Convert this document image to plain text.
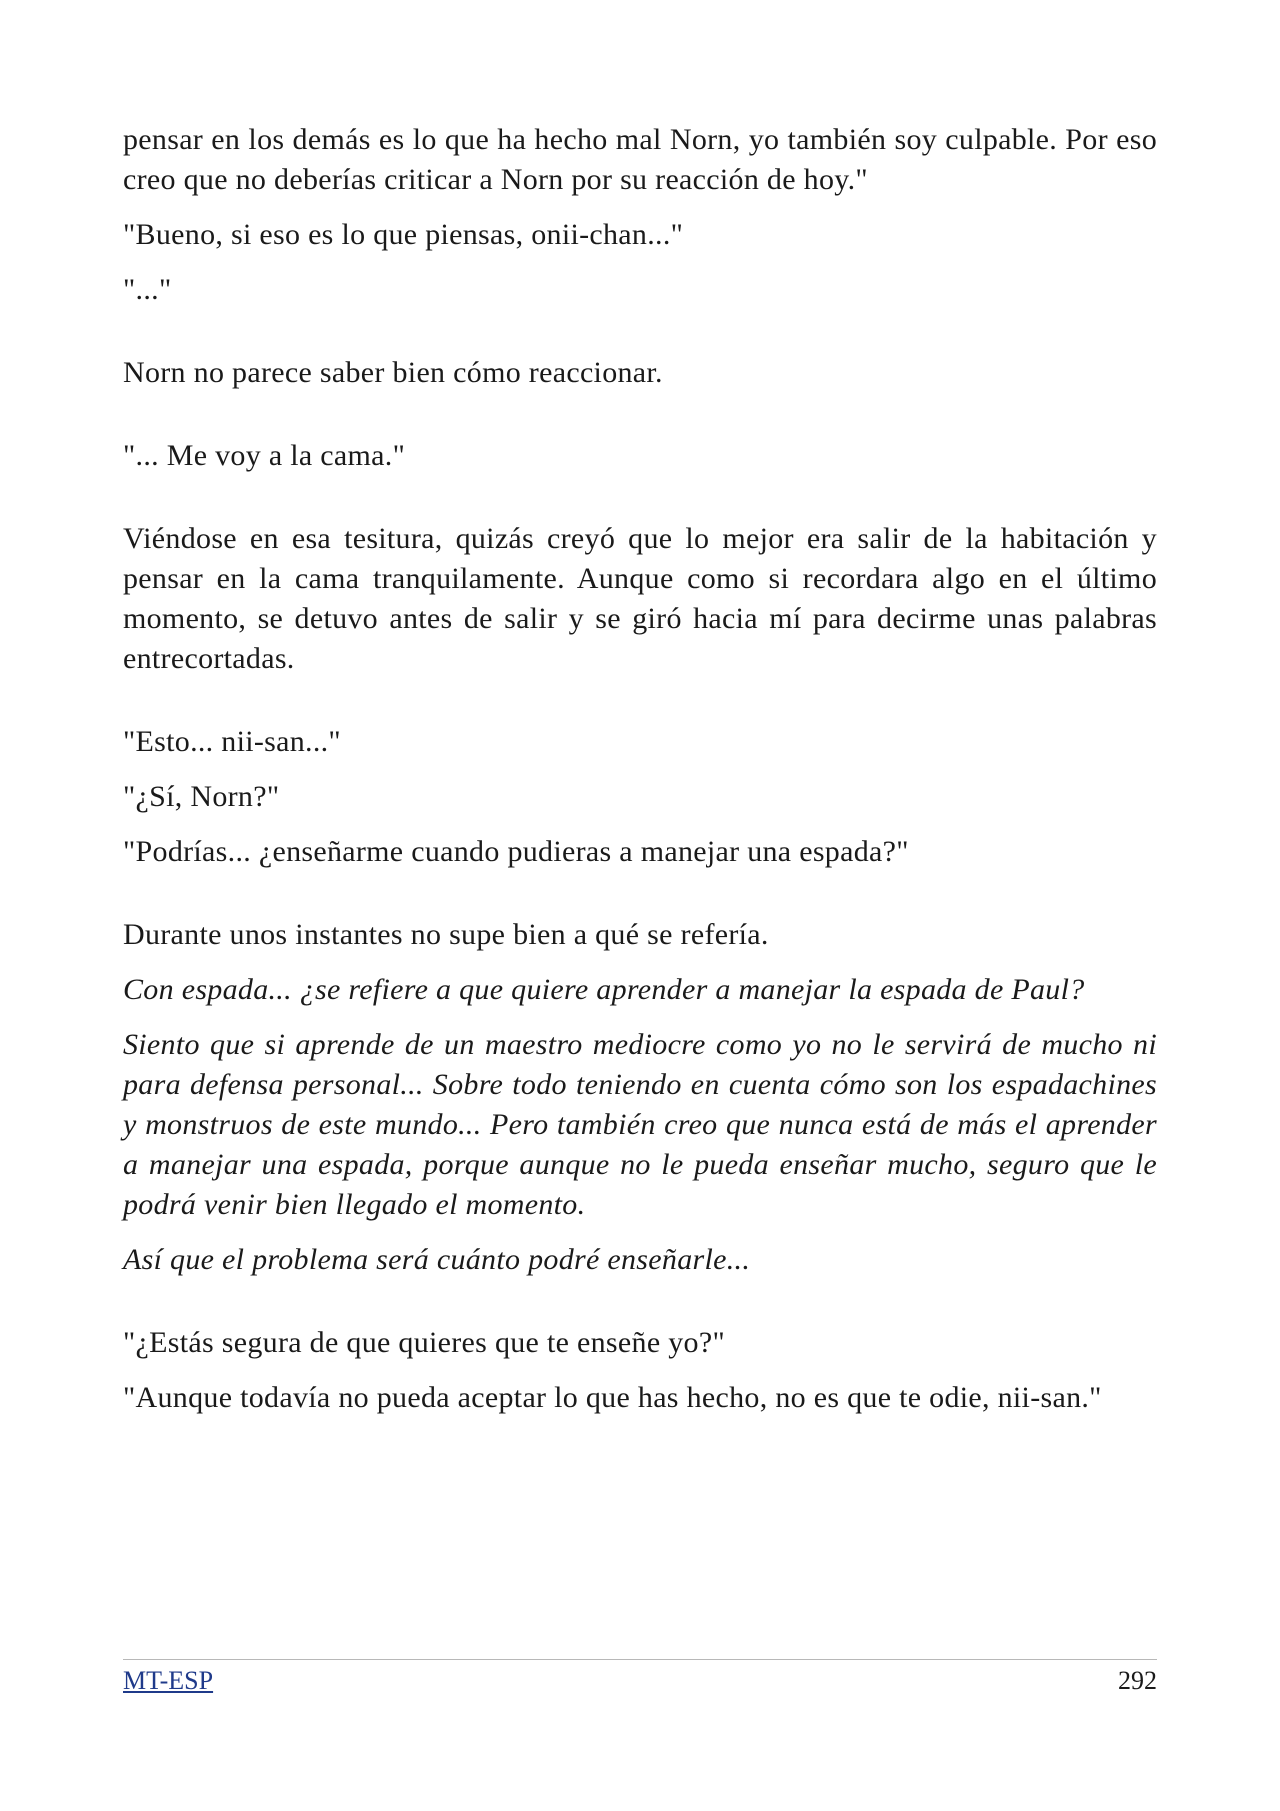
pensar en los demás es lo que ha hecho mal Norn, yo también soy culpable. Por eso creo que no deberías criticar a Norn por su reacción de hoy."

"Bueno, si eso es lo que piensas, onii-chan..."

"..."

Norn no parece saber bien cómo reaccionar.

"... Me voy a la cama."

Viéndose en esa tesitura, quizás creyó que lo mejor era salir de la habitación y pensar en la cama tranquilamente. Aunque como si recordara algo en el último momento, se detuvo antes de salir y se giró hacia mí para decirme unas palabras entrecortadas.

"Esto... nii-san..."

"¿Sí, Norn?"

"Podrías... ¿enseñarme cuando pudieras a manejar una espada?"

Durante unos instantes no supe bien a qué se refería.

Con espada... ¿se refiere a que quiere aprender a manejar la espada de Paul?

Siento que si aprende de un maestro mediocre como yo no le servirá de mucho ni para defensa personal... Sobre todo teniendo en cuenta cómo son los espadachines y monstruos de este mundo... Pero también creo que nunca está de más el aprender a manejar una espada, porque aunque no le pueda enseñar mucho, seguro que le podrá venir bien llegado el momento.

Así que el problema será cuánto podré enseñarle...

"¿Estás segura de que quieres que te enseñe yo?"

"Aunque todavía no pueda aceptar lo que has hecho, no es que te odie, nii-san."

MT-ESP	292
